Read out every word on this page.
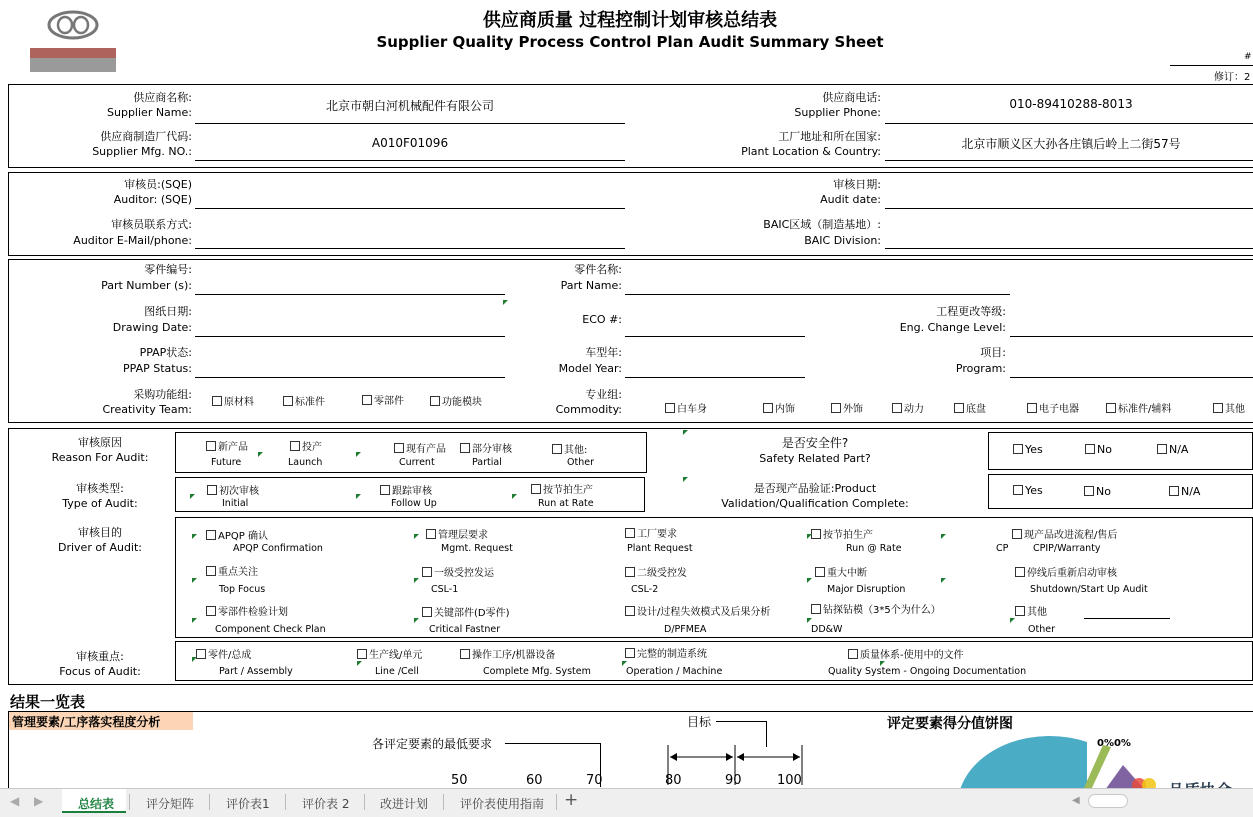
供应商质量 过程控制计划审核总结表
Supplier Quality Process Control Plan Audit Summary Sheet
#
修订：2
供应商名称:
Supplier Name:	北京市朝白河机械配件有限公司
供应商电话:
Supplier Phone:
010-89410288-8013
供应商制造厂代码:
Supplier Mfg. NO.:
A010F01096	工厂地址和所在国家:
Plant Location & Country:
北京市顺义区大孙各庄镇后岭上二街57号
审核员:(SQE)
Auditor: (SQE)
审核日期:
Audit date:
审核员联系方式:
Auditor E-Mail/phone:
BAIC区域（制造基地）:
BAIC Division:
零件编号:
Part Number (s):
零件名称:
Part Name:
图纸日期:
Drawing Date:
ECO #:
工程更改等级:
Eng. Change Level:
PPAP状态:
PPAP Status:
车型年:
Model Year:
项目:
Program:
采购功能组:
Creativity Team:
原材料	标准件	零部件	功能模块
专业组:
Commodity:	白车身	内饰	外饰	动力	底盘	电子电器	标准件/辅料	其他
审核原因
Reason For Audit:
新产品
Future
投产
Launch
现有产品
Current
部分审核
Partial
其他:
Other
是否安全件?
Safety Related Part?
Yes	No	N/A
审核类型:
Type of Audit:
初次审核
Initial
跟踪审核
Follow Up
按节拍生产
Run at Rate
是否现产品验证:Product
Validation/Qualification Complete:
Yes	No	N/A
审核目的
Driver of Audit:
APQP 确认
APQP Confirmation
管理层要求
Mgmt. Request
工厂要求
Plant Request
按节拍生产
Run @ Rate
现产品改进流程/售后
CP	CPIP/Warranty
重点关注
Top Focus
一级受控发运
CSL-1
二级受控发
CSL-2
重大中断
Major Disruption
停线后重新启动审核
Shutdown/Start Up Audit
零部件检验计划
Component Check Plan
关键部件(D零件)
Critical Fastner
设计/过程失效模式及后果分析
D/PFMEA
钻探钻模（3*5个为什么）
DD&W
其他
Other
审核重点:
Focus of Audit:
零件/总成
Part / Assembly
生产线/单元
Line /Cell
操作工序/机器设备
Complete Mfg. System
完整的制造系统
Operation / Machine
质量体系-使用中的文件
Quality System - Ongoing Documentation
结果一览表
管理要素/工序落实程度分析
各评定要素的最低要求
目标
50	60	70	80	90	100
评定要素得分值饼图
0%0%
◀ ▶	总结表	评分矩阵	评价表1	评价表 2	改进计划	评价表使用指南 +	◀
